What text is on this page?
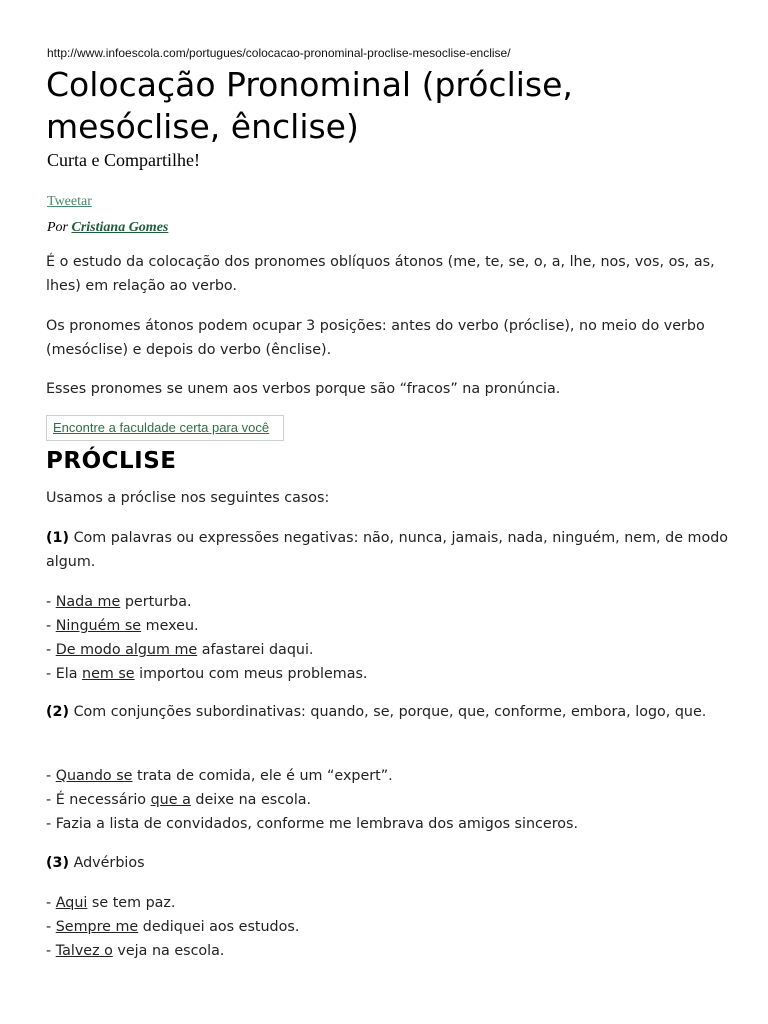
http://www.infoescola.com/portugues/colocacao-pronominal-proclise-mesoclise-enclise/
Colocação Pronominal (próclise, mesóclise, ênclise)
Curta e Compartilhe!
Tweetar
Por Cristiana Gomes

É o estudo da colocação dos pronomes oblíquos átonos (me, te, se, o, a, lhe, nos, vos, os, as, lhes) em relação ao verbo.

Os pronomes átonos podem ocupar 3 posições: antes do verbo (próclise), no meio do verbo (mesóclise) e depois do verbo (ênclise).

Esses pronomes se unem aos verbos porque são “fracos” na pronúncia.

Encontre a faculdade certa para você
PRÓCLISE

Usamos a próclise nos seguintes casos:

(1) Com palavras ou expressões negativas: não, nunca, jamais, nada, ninguém, nem, de modo algum.

- Nada me perturba.
- Ninguém se mexeu.
- De modo algum me afastarei daqui.
- Ela nem se importou com meus problemas.

(2) Com conjunções subordinativas: quando, se, porque, que, conforme, embora, logo, que.

- Quando se trata de comida, ele é um “expert”.
- É necessário que a deixe na escola.
- Fazia a lista de convidados, conforme me lembrava dos amigos sinceros.

(3) Advérbios

- Aqui se tem paz.
- Sempre me dediquei aos estudos.
- Talvez o veja na escola.
